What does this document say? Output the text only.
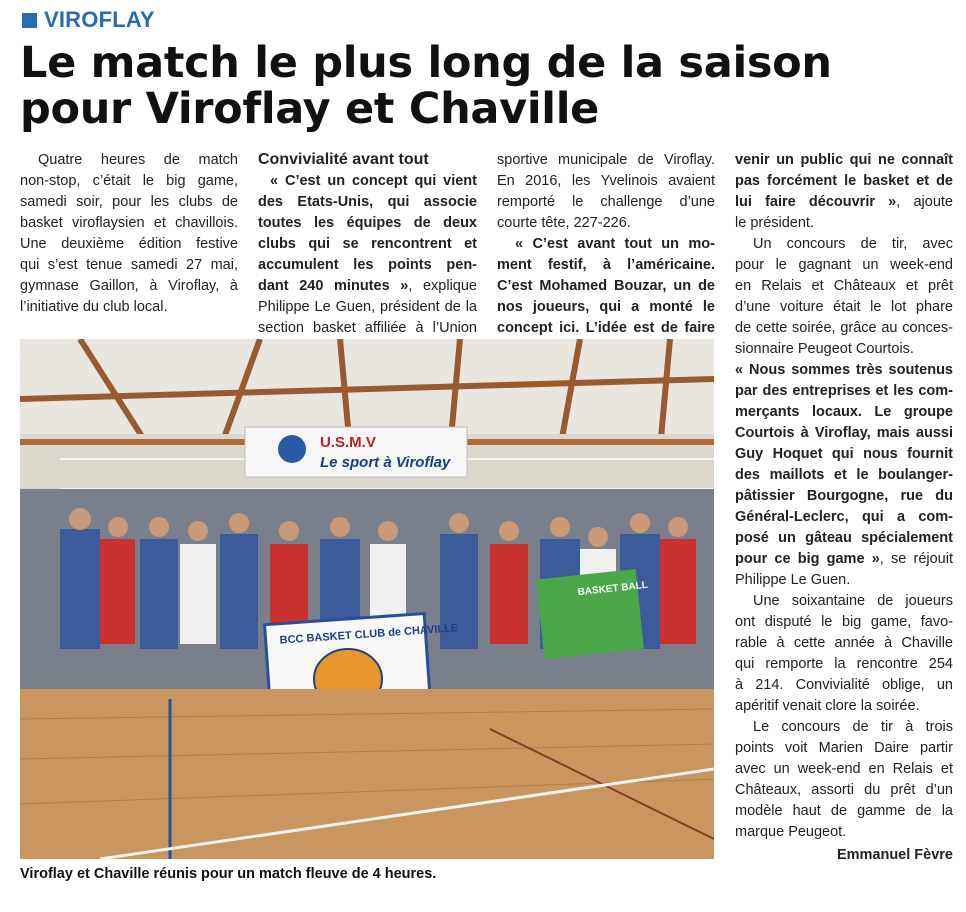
VIROFLAY
Le match le plus long de la saison
pour Viroflay et Chaville
Quatre heures de match
non-stop, c’était le big game,
samedi soir, pour les clubs de
basket viroflaysien et chavillois.
Une deuxième édition festive
qui s’est tenue samedi 27 mai,
gymnase Gaillon, à Viroflay, à
l’initiative du club local.
Convivialité avant tout
« C’est un concept qui vient
des Etats-Unis, qui associe
toutes les équipes de deux
clubs qui se rencontrent et
accumulent les points pen-
dant 240 minutes », explique
Philippe Le Guen, président de la
section basket affiliée à l’Union
sportive municipale de Viroflay.
En 2016, les Yvelinois avaient
remporté le challenge d’une
courte tête, 227-226.
« C’est avant tout un mo-
ment festif, à l’américaine.
C’est Mohamed Bouzar, un de
nos joueurs, qui a monté le
concept ici. L’idée est de faire
venir un public qui ne connaît
pas forcément le basket et de
lui faire découvrir », ajoute
le président.
Un concours de tir, avec
pour le gagnant un week-end
en Relais et Châteaux et prêt
d’une voiture était le lot phare
de cette soirée, grâce au conces-
sionnaire Peugeot Courtois.
« Nous sommes très soutenus
par des entreprises et les com-
merçants locaux. Le groupe
Courtois à Viroflay, mais aussi
Guy Hoquet qui nous fournit
des maillots et le boulanger-
pâtissier Bourgogne, rue du
Général-Leclerc, qui a com-
posé un gâteau spécialement
pour ce big game », se réjouit
Philippe Le Guen.
Une soixantaine de joueurs
ont disputé le big game, favo-
rable à cette année à Chaville
qui remporte la rencontre 254
à 214. Convivialité oblige, un
apéritif venait clore la soirée.
Le concours de tir à trois
points voit Marien Daire partir
avec un week-end en Relais et
Châteaux, assorti du prêt d’un
modèle haut de gamme de la
marque Peugeot.
Emmanuel Fèvre
U.S.M.V
Le sport à Viroflay
BCC BASKET CLUB de CHAVILLE
BASKET BALL
Viroflay et Chaville réunis pour un match fleuve de 4 heures.
